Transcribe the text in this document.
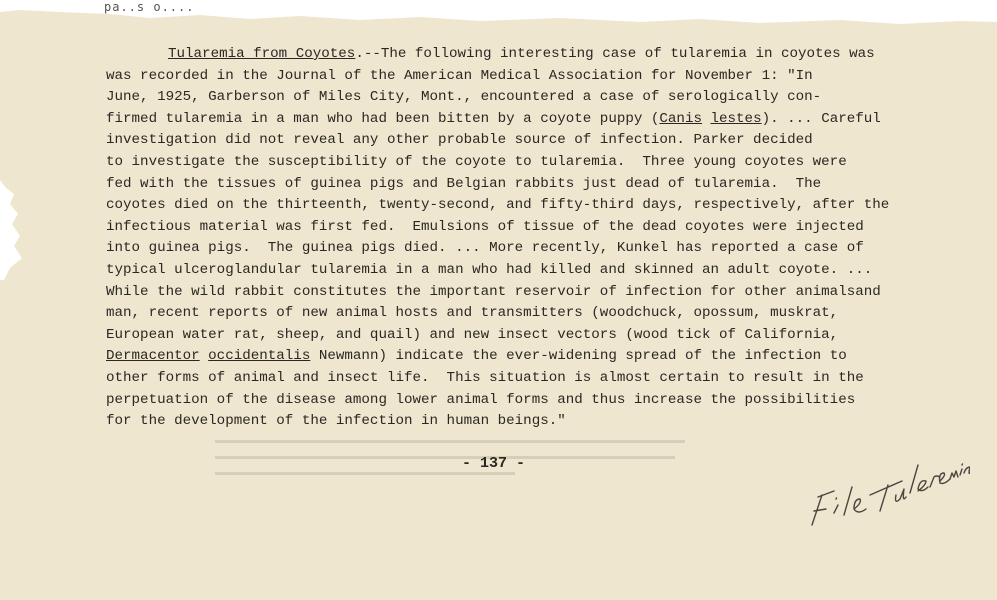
pa..s o....
Tularemia from Coyotes.--The following interesting case of tularemia in coyotes was
was recorded in the Journal of the American Medical Association for November 1: "In
June, 1925, Garberson of Miles City, Mont., encountered a case of serologically con-
firmed tularemia in a man who had been bitten by a coyote puppy (Canis lestes). ... Careful
investigation did not reveal any other probable source of infection. Parker decided
to investigate the susceptibility of the coyote to tularemia.  Three young coyotes were
fed with the tissues of guinea pigs and Belgian rabbits just dead of tularemia.  The
coyotes died on the thirteenth, twenty-second, and fifty-third days, respectively, after the
infectious material was first fed.  Emulsions of tissue of the dead coyotes were injected
into guinea pigs.  The guinea pigs died. ... More recently, Kunkel has reported a case of
typical ulceroglandular tularemia in a man who had killed and skinned an adult coyote. ...
While the wild rabbit constitutes the important reservoir of infection for other animalsand
man, recent reports of new animal hosts and transmitters (woodchuck, opossum, muskrat,
European water rat, sheep, and quail) and new insect vectors (wood tick of California,
Dermacentor occidentalis Newmann) indicate the ever-widening spread of the infection to
other forms of animal and insect life.  This situation is almost certain to result in the
perpetuation of the disease among lower animal forms and thus increase the possibilities
for the development of the infection in human beings."
- 137 -
